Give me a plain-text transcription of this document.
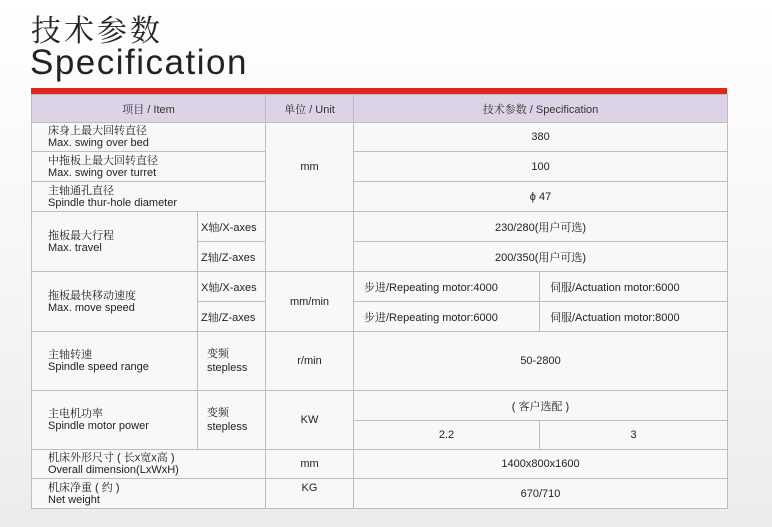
技术参数
Specification
项目 / Item		单位 / Unit	技术参数 / Specification	

床身上最大回转直径
Max. swing over bed		mm	380	

中拖板上最大回转直径
Max. swing over turret			100	

主轴通孔直径
Spindle thur-hole diameter			ϕ 47	

拖板最大行程
Max. travel	X轴/X-axes		230/280(用户可选)	
	Z轴/Z-axes		200/350(用户可选)	

拖板最快移动速度
Max. move speed	X轴/X-axes	mm/min	步进/Repeating motor:4000	伺服/Actuation motor:6000
	Z轴/Z-axes		步进/Repeating motor:6000	伺服/Actuation motor:8000

主轴转速
Spindle speed range	变频
stepless	r/min	50-2800	

主电机功率
Spindle motor power	变频
stepless	KW	( 客户选配 )	
			2.2	3

机床外形尺寸 ( 长x宽x高 )
Overall dimension(LxWxH)		mm	1400x800x1600	

机床净重 ( 约 )
Net weight		KG	670/710	
